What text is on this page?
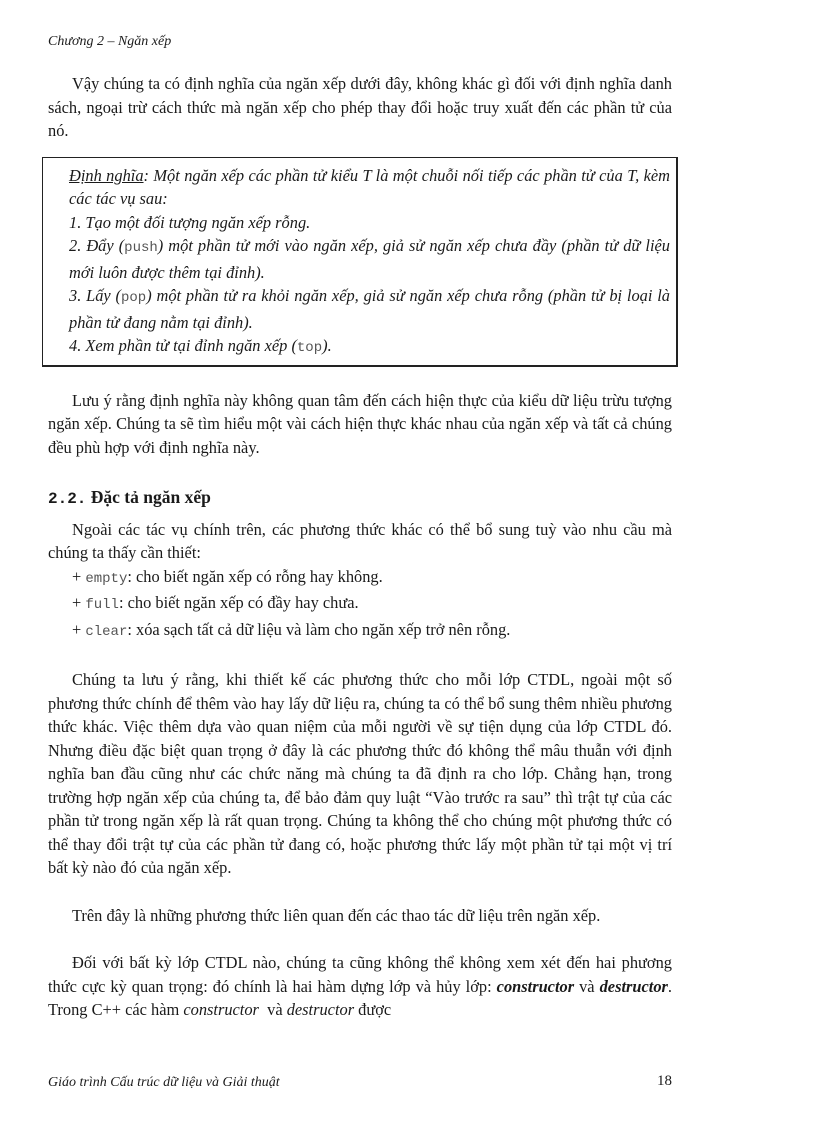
Chương 2 – Ngăn xếp

Vậy chúng ta có định nghĩa của ngăn xếp dưới đây, không khác gì đối với định nghĩa danh sách, ngoại trừ cách thức mà ngăn xếp cho phép thay đổi hoặc truy xuất đến các phần tử của nó.

Định nghĩa: Một ngăn xếp các phần tử kiểu T là một chuỗi nối tiếp các phần tử của T, kèm các tác vụ sau:

1. Tạo một đối tượng ngăn xếp rỗng.

2. Đẩy (push) một phần tử mới vào ngăn xếp, giả sử ngăn xếp chưa đầy (phần tử dữ liệu mới luôn được thêm tại đỉnh).

3. Lấy (pop) một phần tử ra khỏi ngăn xếp, giả sử ngăn xếp chưa rỗng (phần tử bị loại là phần tử đang nằm tại đỉnh).

4. Xem phần tử tại đỉnh ngăn xếp (top).

Lưu ý rằng định nghĩa này không quan tâm đến cách hiện thực của kiểu dữ liệu trừu tượng ngăn xếp. Chúng ta sẽ tìm hiểu một vài cách hiện thực khác nhau của ngăn xếp và tất cả chúng đều phù hợp với định nghĩa này.

2.2. Đặc tả ngăn xếp

Ngoài các tác vụ chính trên, các phương thức khác có thể bổ sung tuỳ vào nhu cầu mà chúng ta thấy cần thiết:

+ empty: cho biết ngăn xếp có rỗng hay không.

+ full: cho biết ngăn xếp có đầy hay chưa.

+ clear: xóa sạch tất cả dữ liệu và làm cho ngăn xếp trở nên rỗng.

Chúng ta lưu ý rằng, khi thiết kế các phương thức cho mỗi lớp CTDL, ngoài một số phương thức chính để thêm vào hay lấy dữ liệu ra, chúng ta có thể bổ sung thêm nhiều phương thức khác. Việc thêm dựa vào quan niệm của mỗi người về sự tiện dụng của lớp CTDL đó. Nhưng điều đặc biệt quan trọng ở đây là các phương thức đó không thể mâu thuẫn với định nghĩa ban đầu cũng như các chức năng mà chúng ta đã định ra cho lớp. Chẳng hạn, trong trường hợp ngăn xếp của chúng ta, để bảo đảm quy luật “Vào trước ra sau” thì trật tự của các phần tử trong ngăn xếp là rất quan trọng. Chúng ta không thể cho chúng một phương thức có thể thay đổi trật tự của các phần tử đang có, hoặc phương thức lấy một phần tử tại một vị trí bất kỳ nào đó của ngăn xếp.

Trên đây là những phương thức liên quan đến các thao tác dữ liệu trên ngăn xếp.

Đối với bất kỳ lớp CTDL nào, chúng ta cũng không thể không xem xét đến hai phương thức cực kỳ quan trọng: đó chính là hai hàm dựng lớp và hủy lớp: constructor và destructor. Trong C++ các hàm constructor  và destructor được

Giáo trình Cấu trúc dữ liệu và Giải thuật	18
